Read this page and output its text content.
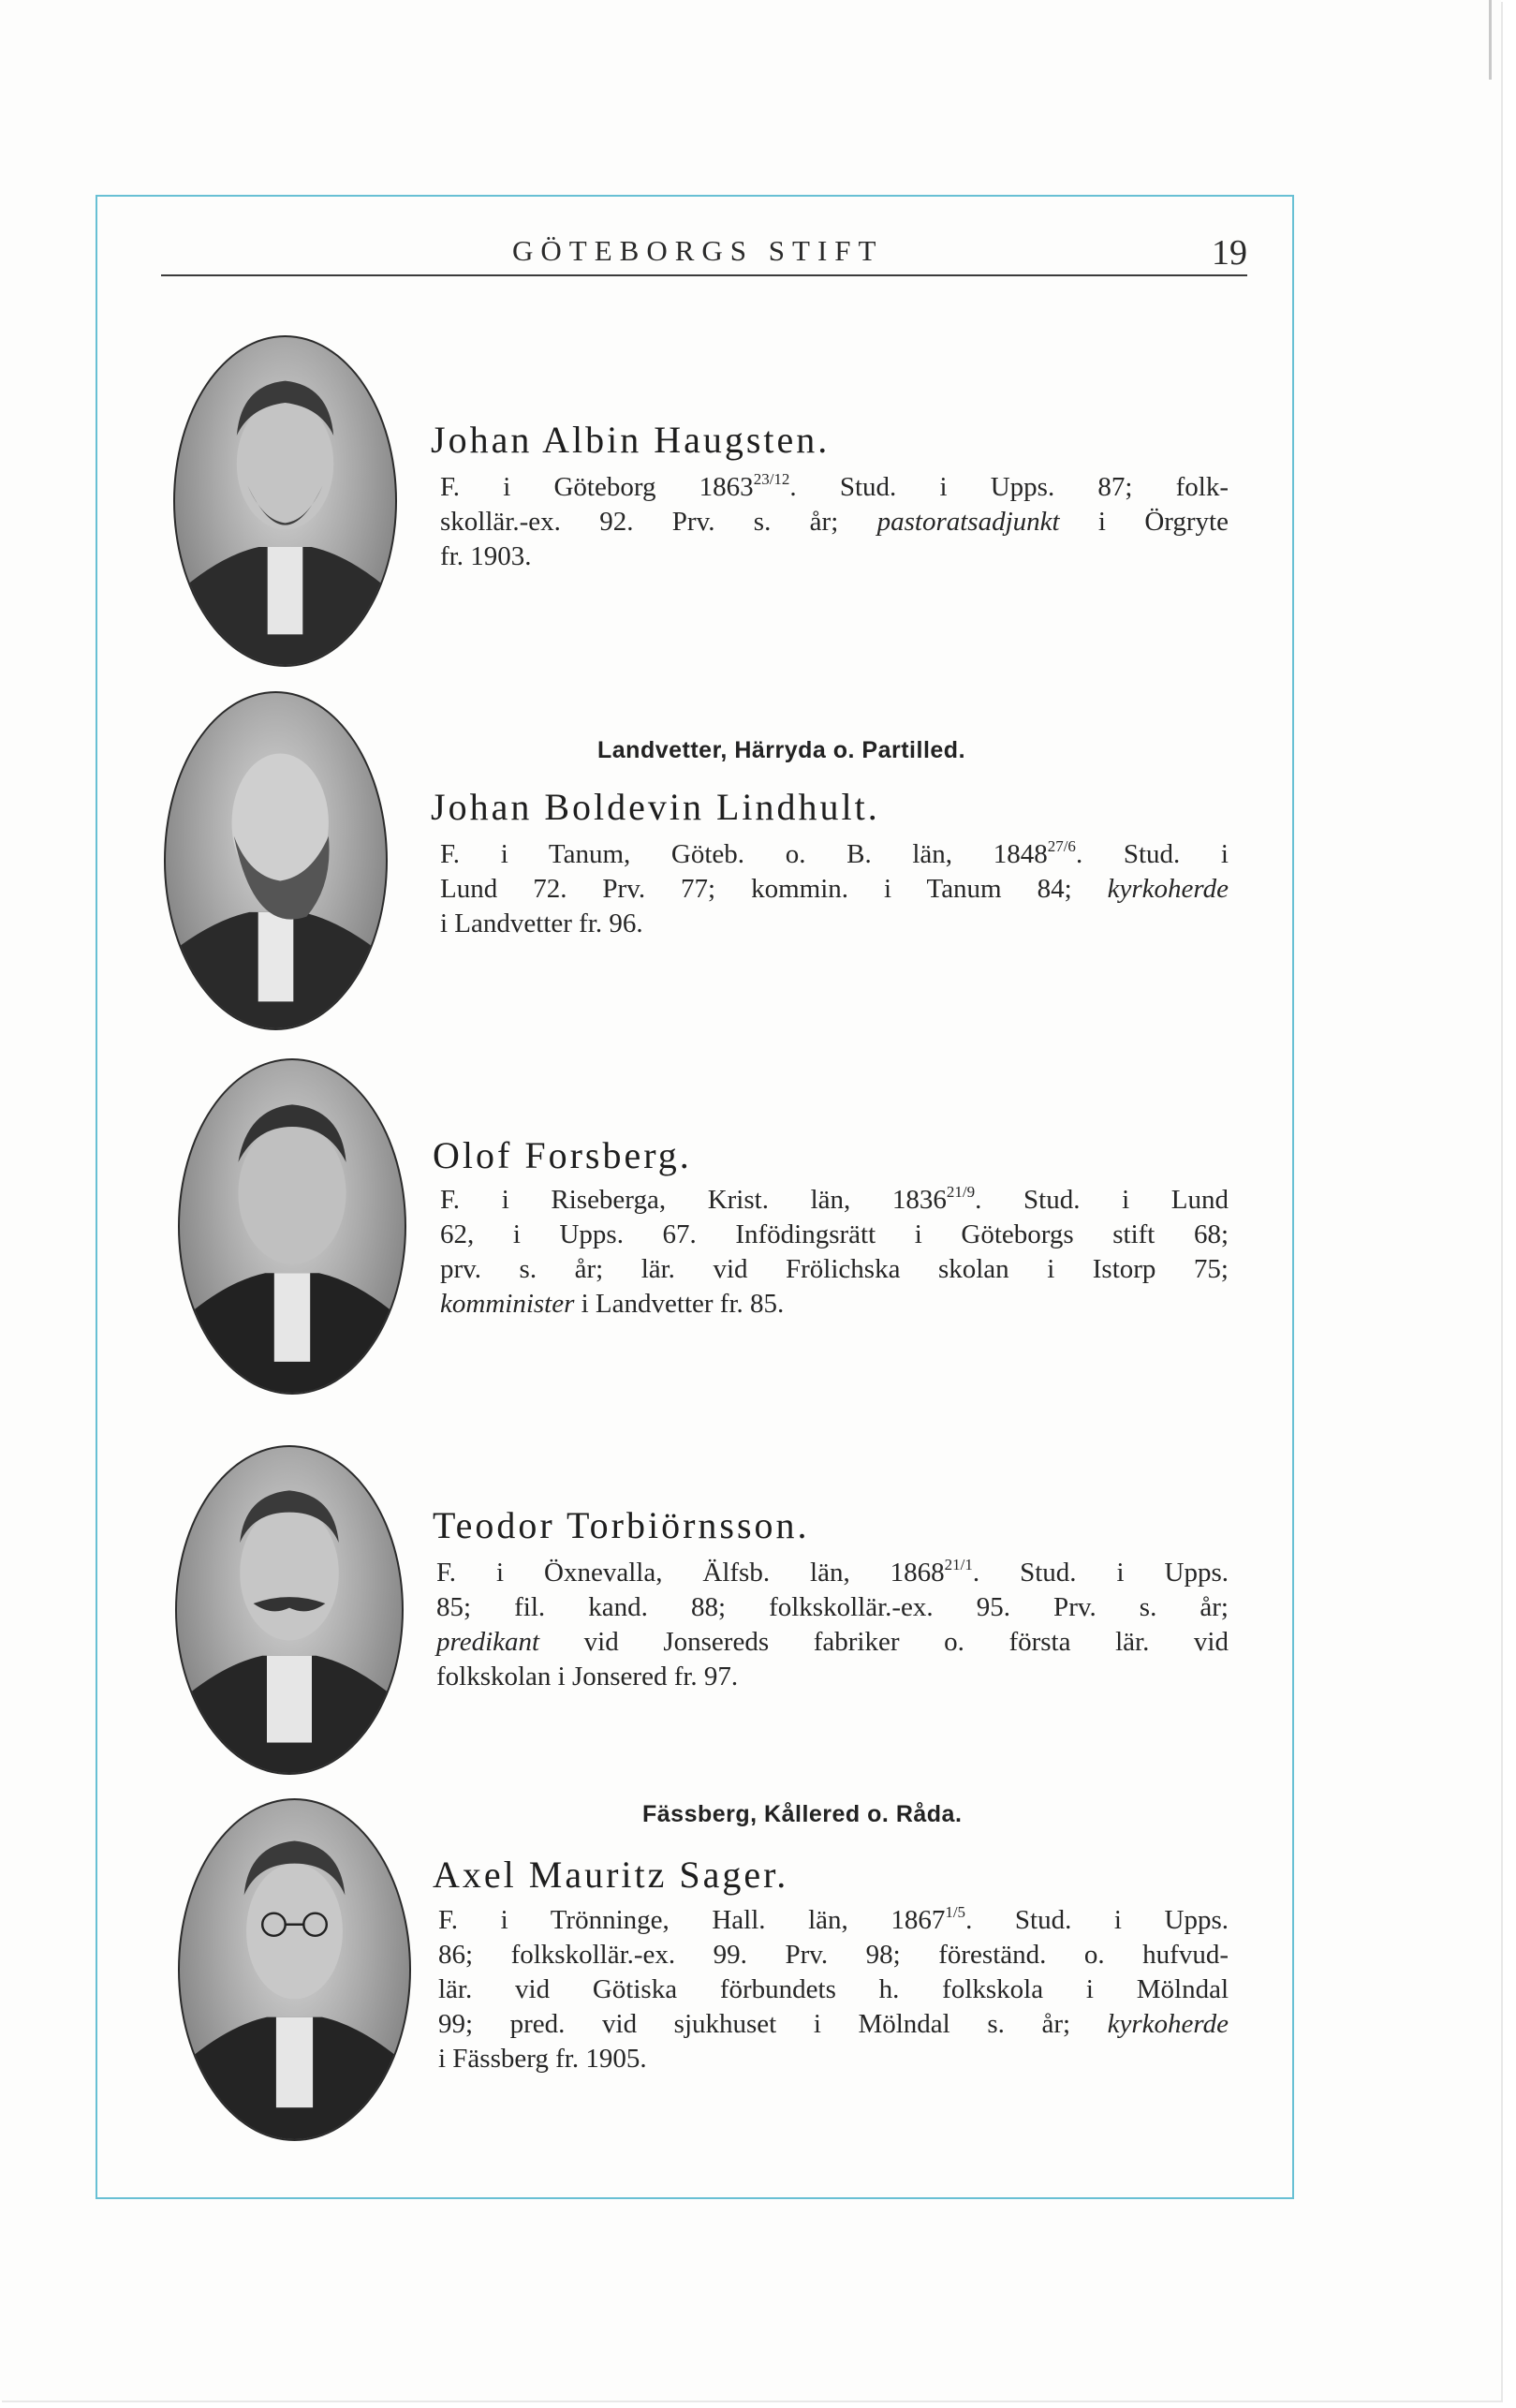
GÖTEBORGS STIFT	19
Johan Albin Haugsten.
F. i Göteborg $1863^{23/12}$. Stud. i Upps. 87; folk-
skollär.-ex. 92. Prv. s. år; pastoratsadjunkt i Örgryte
fr. 1903.
Landvetter, Härryda o. Partilled.
Johan Boldevin Lindhult.
F. i Tanum, Göteb. o. B. län, $1848^{27/6}$. Stud. i
Lund 72. Prv. 77; kommin. i Tanum 84; kyrkoherde
i Landvetter fr. 96.
Olof Forsberg.
F. i Riseberga, Krist. län, $1836^{21/9}$. Stud. i Lund
62, i Upps. 67. Infödingsrätt i Göteborgs stift 68;
prv. s. år; lär. vid Frölichska skolan i Istorp 75;
komminister i Landvetter fr. 85.
Teodor Torbiörnsson.
F. i Öxnevalla, Älfsb. län, $1868^{21/1}$. Stud. i Upps.
85; fil. kand. 88; folkskollär.-ex. 95. Prv. s. år;
predikant vid Jonsereds fabriker o. första lär. vid
folkskolan i Jonsered fr. 97.
Fässberg, Kållered o. Råda.
Axel Mauritz Sager.
F. i Trönninge, Hall. län, $1867^{1/5}$. Stud. i Upps.
86; folkskollär.-ex. 99. Prv. 98; föreständ. o. hufvud-
lär. vid Götiska förbundets h. folkskola i Mölndal
99; pred. vid sjukhuset i Mölndal s. år; kyrkoherde
i Fässberg fr. 1905.
